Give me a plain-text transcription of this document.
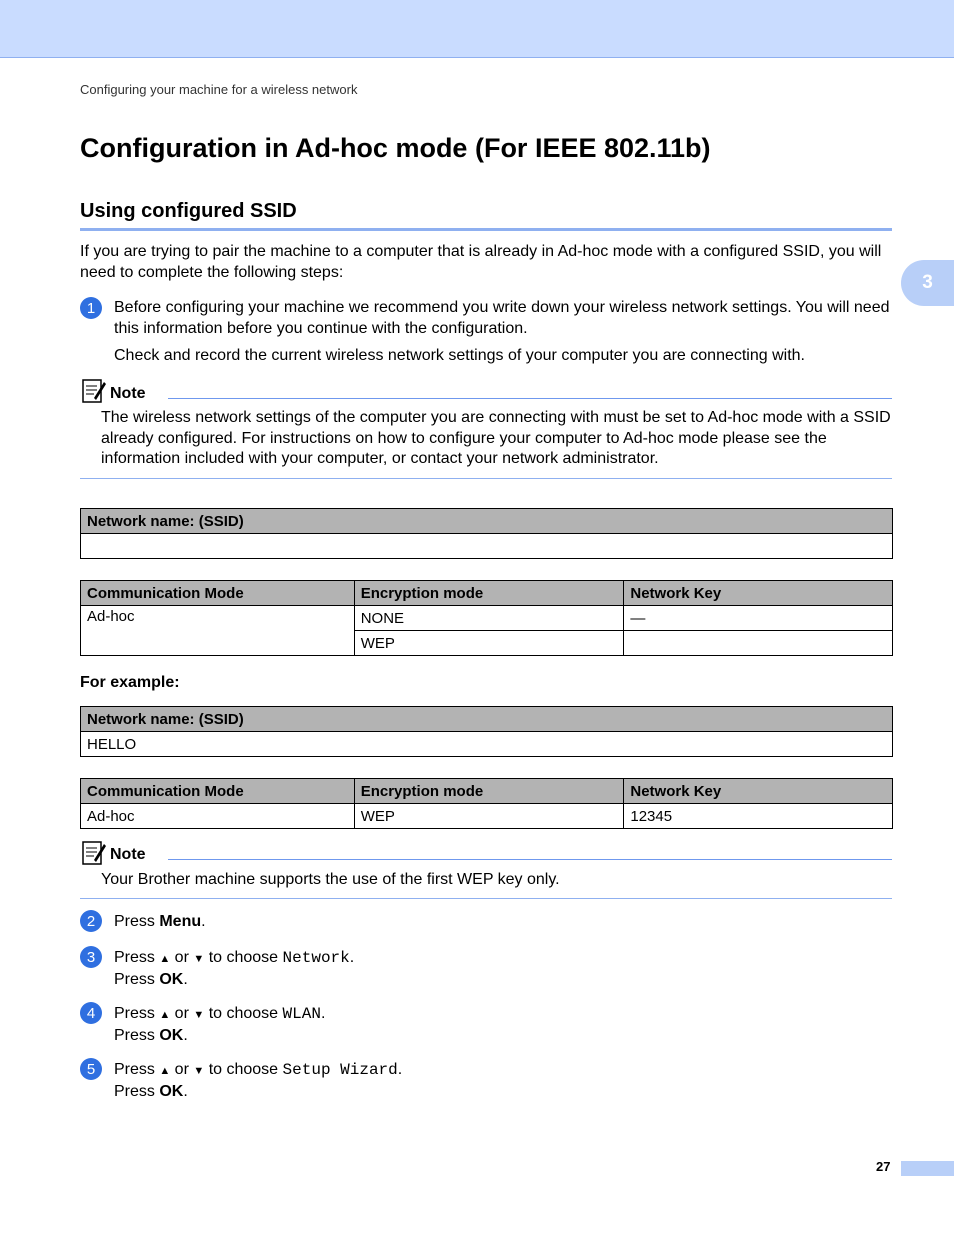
Configuring your machine for a wireless network
3
Configuration in Ad-hoc mode (For IEEE 802.11b)
Using configured SSID
If you are trying to pair the machine to a computer that is already in Ad-hoc mode with a configured SSID, you will need to complete the following steps:
1	Before configuring your machine we recommend you write down your wireless network settings. You will need this information before you continue with the configuration.
Check and record the current wireless network settings of your computer you are connecting with.
Note
The wireless network settings of the computer you are connecting with must be set to Ad-hoc mode with a SSID already configured. For instructions on how to configure your computer to Ad-hoc mode please see the information included with your computer, or contact your network administrator.
Network name: (SSID)

Communication Mode	Encryption mode	Network Key
Ad-hoc	NONE	—
	WEP	
For example:
Network name: (SSID)
HELLO
Communication Mode	Encryption mode	Network Key
Ad-hoc	WEP	12345
Note
Your Brother machine supports the use of the first WEP key only.
2	Press Menu.
3	Press ▲ or ▼ to choose Network.
Press OK.
4	Press ▲ or ▼ to choose WLAN.
Press OK.
5	Press ▲ or ▼ to choose Setup Wizard.
Press OK.
27
